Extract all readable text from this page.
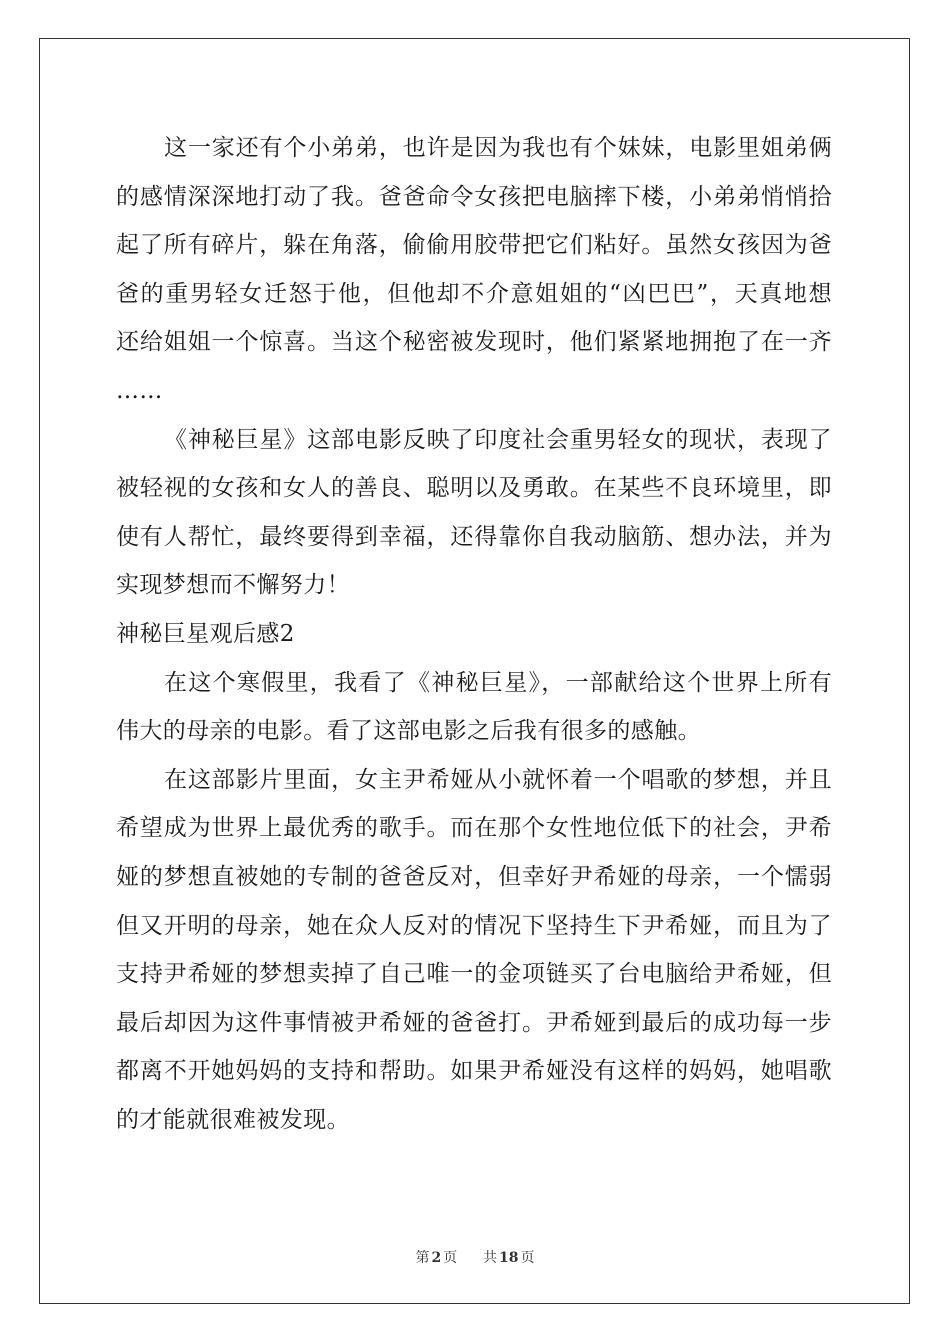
这一家还有个小弟弟，也许是因为我也有个妹妹，电影里姐弟俩
的感情深深地打动了我。爸爸命令女孩把电脑摔下楼，小弟弟悄悄拾
起了所有碎片，躲在角落，偷偷用胶带把它们粘好。虽然女孩因为爸
爸的重男轻女迁怒于他，但他却不介意姐姐的“凶巴巴”，天真地想
还给姐姐一个惊喜。当这个秘密被发现时，他们紧紧地拥抱了在一齐
……
《神秘巨星》这部电影反映了印度社会重男轻女的现状，表现了
被轻视的女孩和女人的善良、聪明以及勇敢。在某些不良环境里，即
使有人帮忙，最终要得到幸福，还得靠你自我动脑筋、想办法，并为
实现梦想而不懈努力！
神秘巨星观后感2
在这个寒假里，我看了《神秘巨星》，一部献给这个世界上所有
伟大的母亲的电影。看了这部电影之后我有很多的感触。
在这部影片里面，女主尹希娅从小就怀着一个唱歌的梦想，并且
希望成为世界上最优秀的歌手。而在那个女性地位低下的社会，尹希
娅的梦想直被她的专制的爸爸反对，但幸好尹希娅的母亲，一个懦弱
但又开明的母亲，她在众人反对的情况下坚持生下尹希娅，而且为了
支持尹希娅的梦想卖掉了自己唯一的金项链买了台电脑给尹希娅，但
最后却因为这件事情被尹希娅的爸爸打。尹希娅到最后的成功每一步
都离不开她妈妈的支持和帮助。如果尹希娅没有这样的妈妈，她唱歌
的才能就很难被发现。
第 2 页 共 18 页
